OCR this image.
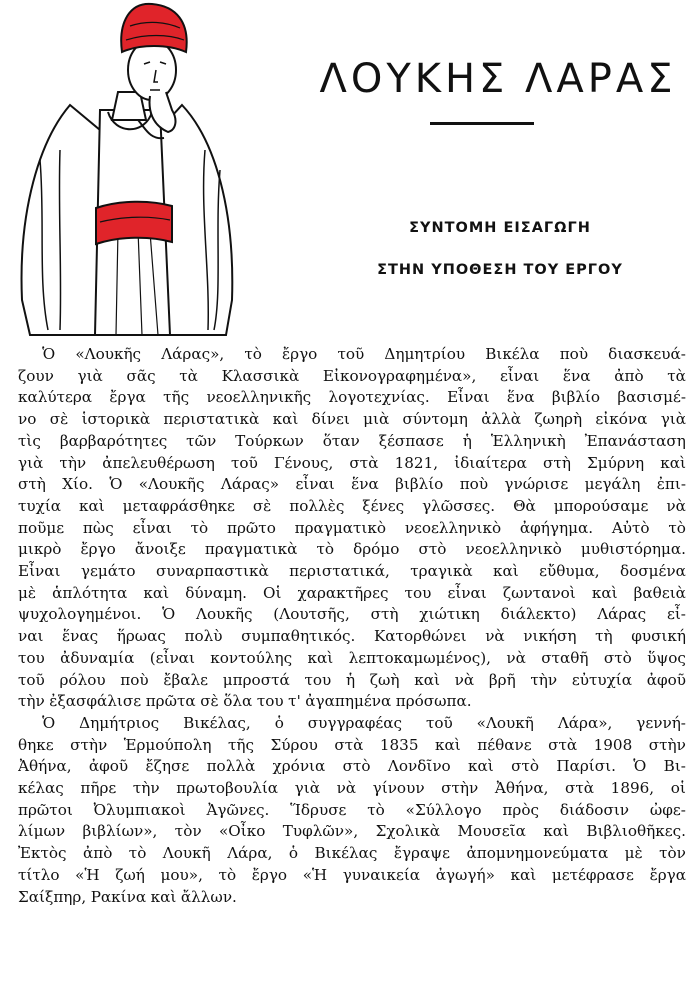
ΛΟΥΚΗΣ ΛΑΡΑΣ
ΣΥΝΤΟΜΗ ΕΙΣΑΓΩΓΗ
ΣΤΗΝ ΥΠΟΘΕΣΗ ΤΟΥ ΕΡΓΟΥ
Ὁ «Λουκῆς Λάρας», τὸ ἔργο τοῦ Δημητρίου Βικέλα ποὺ διασκευά-
ζουν γιὰ σᾶς τὰ Κλασσικὰ Εἰκονογραφημένα», εἶναι ἕνα ἀπὸ τὰ
καλύτερα ἔργα τῆς νεοελληνικῆς λογοτεχνίας. Εἶναι ἕνα βιβλίο βασισμέ-
νο σὲ ἱστορικὰ περιστατικὰ καὶ δίνει μιὰ σύντομη ἀλλὰ ζωηρὴ εἰκόνα γιὰ
τὶς βαρβαρότητες τῶν Τούρκων ὅταν ξέσπασε ἡ Ἑλληνικὴ Ἐπανάσταση
γιὰ τὴν ἀπελευθέρωση τοῦ Γένους, στὰ 1821, ἰδιαίτερα στὴ Σμύρνη καὶ
στὴ Χίο. Ὁ «Λουκῆς Λάρας» εἶναι ἕνα βιβλίο ποὺ γνώρισε μεγάλη ἐπι-
τυχία καὶ μεταφράσθηκε σὲ πολλὲς ξένες γλῶσσες. Θὰ μπορούσαμε νὰ
ποῦμε πὼς εἶναι τὸ πρῶτο πραγματικὸ νεοελληνικὸ ἀφήγημα. Αὐτὸ τὸ
μικρὸ ἔργο ἄνοιξε πραγματικὰ τὸ δρόμο στὸ νεοελληνικὸ μυθιστόρημα.
Εἶναι γεμάτο συναρπαστικὰ περιστατικά, τραγικὰ καὶ εὔθυμα, δοσμένα
μὲ ἁπλότητα καὶ δύναμη. Οἱ χαρακτῆρες του εἶναι ζωντανοὶ καὶ βαθειὰ
ψυχολογημένοι. Ὁ Λουκῆς (Λουτσῆς, στὴ χιώτικη διάλεκτο) Λάρας εἶ-
ναι ἕνας ἥρωας πολὺ συμπαθητικός. Κατορθώνει νὰ νικήση τὴ φυσική
του ἀδυναμία (εἶναι κοντούλης καὶ λεπτοκαμωμένος), νὰ σταθῆ στὸ ὕψος
τοῦ ρόλου ποὺ ἔβαλε μπροστά του ἡ ζωὴ καὶ νὰ βρῆ τὴν εὐτυχία ἀφοῦ
τὴν ἐξασφάλισε πρῶτα σὲ ὅλα του τ' ἀγαπημένα πρόσωπα.
Ὁ Δημήτριος Βικέλας, ὁ συγγραφέας τοῦ «Λουκῆ Λάρα», γεννή-
θηκε στὴν Ἑρμούπολη τῆς Σύρου στὰ 1835 καὶ πέθανε στὰ 1908 στὴν
Ἀθήνα, ἀφοῦ ἔζησε πολλὰ χρόνια στὸ Λονδῖνο καὶ στὸ Παρίσι. Ὁ Βι-
κέλας πῆρε τὴν πρωτοβουλία γιὰ νὰ γίνουν στὴν Ἀθήνα, στὰ 1896, οἱ
πρῶτοι Ὀλυμπιακοὶ Ἀγῶνες. Ἵδρυσε τὸ «Σύλλογο πρὸς διάδοσιν ὠφε-
λίμων βιβλίων», τὸν «Οἶκο Τυφλῶν», Σχολικὰ Μουσεῖα καὶ Βιβλιοθῆκες.
Ἐκτὸς ἀπὸ τὸ Λουκῆ Λάρα, ὁ Βικέλας ἔγραψε ἀπομνημονεύματα μὲ τὸν
τίτλο «Ἡ ζωή μου», τὸ ἔργο «Ἡ γυναικεία ἀγωγή» καὶ μετέφρασε ἔργα
Σαίξπηρ, Ρακίνα καὶ ἄλλων.
